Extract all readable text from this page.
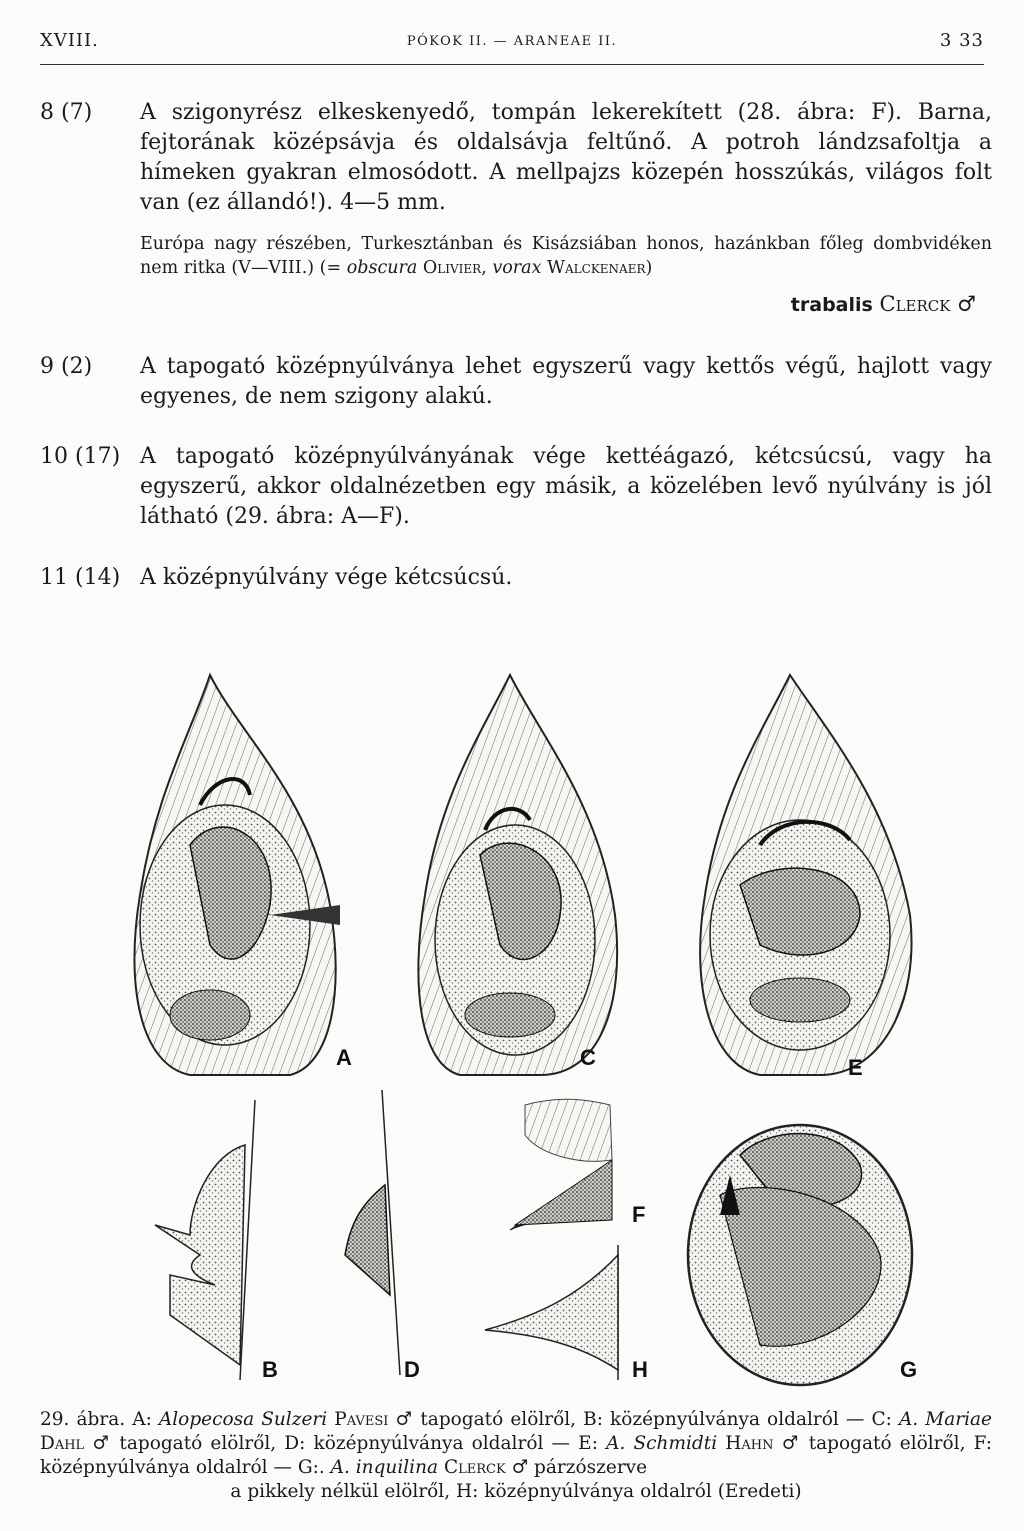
XVIII.	PÓKOK II. — ARANEAE II.	3 33
8 (7)	A szigonyrész elkeskenyedő, tompán lekerekített (28. ábra: F). Barna, fejtorának középsávja és oldalsávja feltűnő. A potroh lándzsafoltja a hímeken gyakran elmosódott. A mellpajzs közepén hosszúkás, világos folt van (ez állandó!). 4—5 mm.
Európa nagy részében, Turkesztánban és Kisázsiában honos, hazánkban főleg dombvidéken nem ritka (V—VIII.) (= obscura Olivier, vorax Walckenaer)
trabalis Clerck ♂
9 (2)	A tapogató középnyúlványa lehet egyszerű vagy kettős végű, hajlott vagy egyenes, de nem szigony alakú.
10 (17) A tapogató középnyúlványának vége kettéágazó, kétcsúcsú, vagy ha egyszerű, akkor oldalnézetben egy másik, a közelében levő nyúlvány is jól látható (29. ábra: A—F).
11 (14) A középnyúlvány vége kétcsúcsú.
A	C	E
B	D
F
H	G
29. ábra. A: Alopecosa Sulzeri Pavesi ♂ tapogató elölről, B: középnyúlványa oldalról — C: A. Mariae Dahl ♂ tapogató elölről, D: középnyúlványa oldalról — E: A. Schmidti Hahn ♂ tapogató elölről, F: középnyúlványa oldalról — G:. A. inquilina Clerck ♂ párzószerve
a pikkely nélkül elölről, H: középnyúlványa oldalról (Eredeti)
